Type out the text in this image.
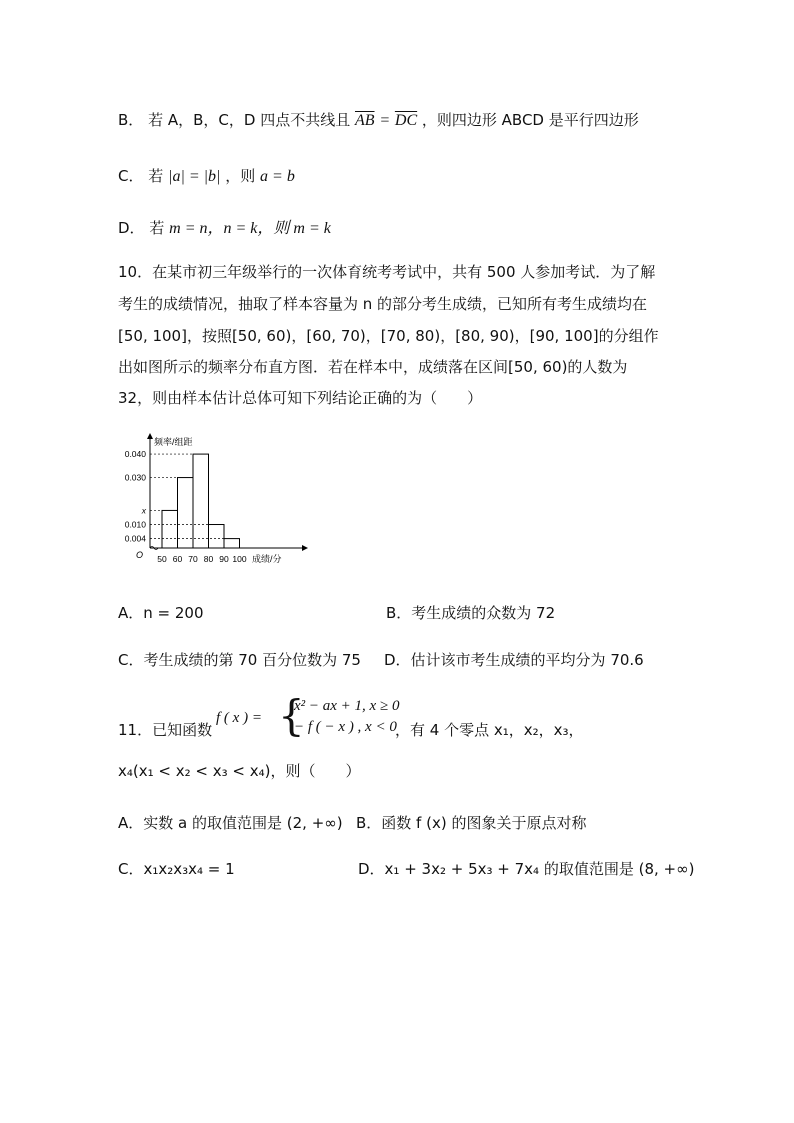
B． 若 A，B，C，D 四点不共线且 $\overline{AB} = \overline{DC}$ ，则四边形 ABCD 是平行四边形
C． 若 |a| = |b| ，则 a = b
D． 若 m = n，n = k，则 m = k
10．在某市初三年级举行的一次体育统考考试中，共有 500 人参加考试．为了解
考生的成绩情况，抽取了样本容量为 n 的部分考生成绩，已知所有考生成绩均在
[50, 100]，按照[50, 60)，[60, 70)，[70, 80)，[80, 90)，[90, 100]的分组作
出如图所示的频率分布直方图．若在样本中，成绩落在区间[50, 60)的人数为
32，则由样本估计总体可知下列结论正确的为（　　）
频率/组距
成绩/分
O
x
0.030
0.040
0.010
0.004
50 60 70 80 90 100
A．n = 200	B．考生成绩的众数为 72
C．考生成绩的第 70 百分位数为 75 D．估计该市考生成绩的平均分为 70.6
11．已知函数
f ( x ) = {
x² − ax + 1, x ≥ 0
− f ( − x ) , x < 0
，有 4 个零点 x₁，x₂，x₃，
x₄(x₁ < x₂ < x₃ < x₄)，则（　　）
A．实数 a 的取值范围是 (2, +∞) B．函数 f (x) 的图象关于原点对称
C．x₁x₂x₃x₄ = 1	D．x₁ + 3x₂ + 5x₃ + 7x₄ 的取值范围是 (8, +∞)
